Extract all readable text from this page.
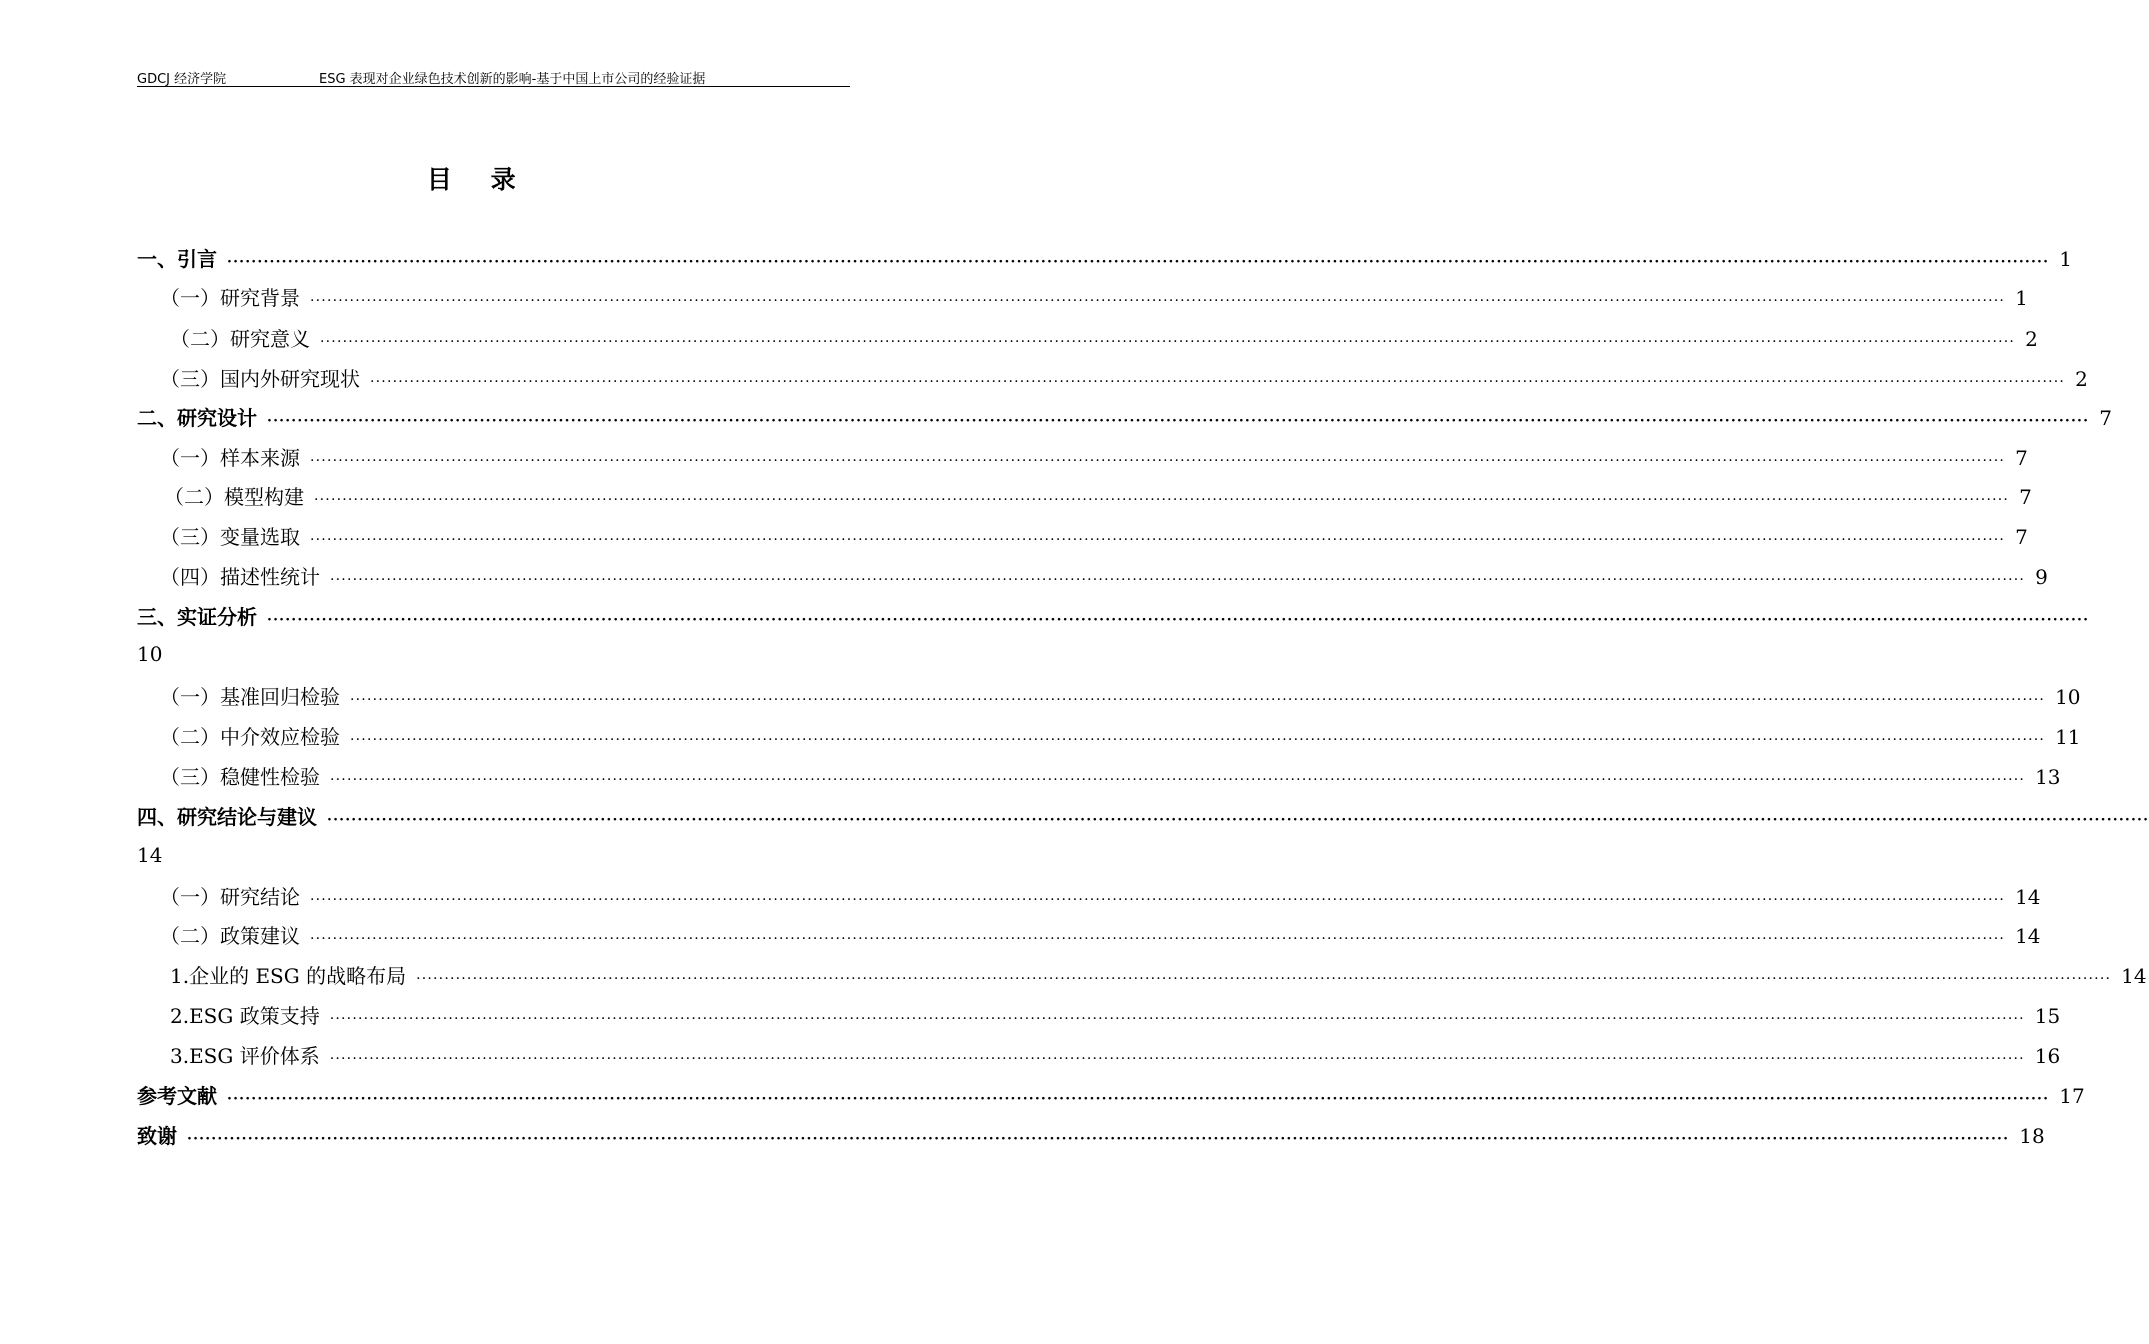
GDCJ 经济学院	ESG 表现对企业绿色技术创新的影响-基于中国上市公司的经验证据
目 录
一、引言 ············································································································································································································································································································ 1
（一）研究背景 ············································································································································································································································································································ 1
（二）研究意义 ············································································································································································································································································································ 2
（三）国内外研究现状 ············································································································································································································································································································ 2
二、研究设计 ············································································································································································································································································································ 7
（一）样本来源 ············································································································································································································································································································ 7
（二）模型构建 ············································································································································································································································································································ 7
（三）变量选取 ············································································································································································································································································································ 7
（四）描述性统计 ············································································································································································································································································································ 9
三、实证分析 ············································································································································································································································································································
10
（一）基准回归检验 ············································································································································································································································································································ 10
（二）中介效应检验 ············································································································································································································································································································ 11
（三）稳健性检验 ············································································································································································································································································································ 13
四、研究结论与建议 ············································································································································································································································································································
14
（一）研究结论 ············································································································································································································································································································ 14
（二）政策建议 ············································································································································································································································································································ 14
1.企业的 ESG 的战略布局 ············································································································································································································································································································ 14
2.ESG 政策支持 ············································································································································································································································································································ 15
3.ESG 评价体系 ············································································································································································································································································································ 16
参考文献 ············································································································································································································································································································ 17
致谢 ············································································································································································································································································································ 18
